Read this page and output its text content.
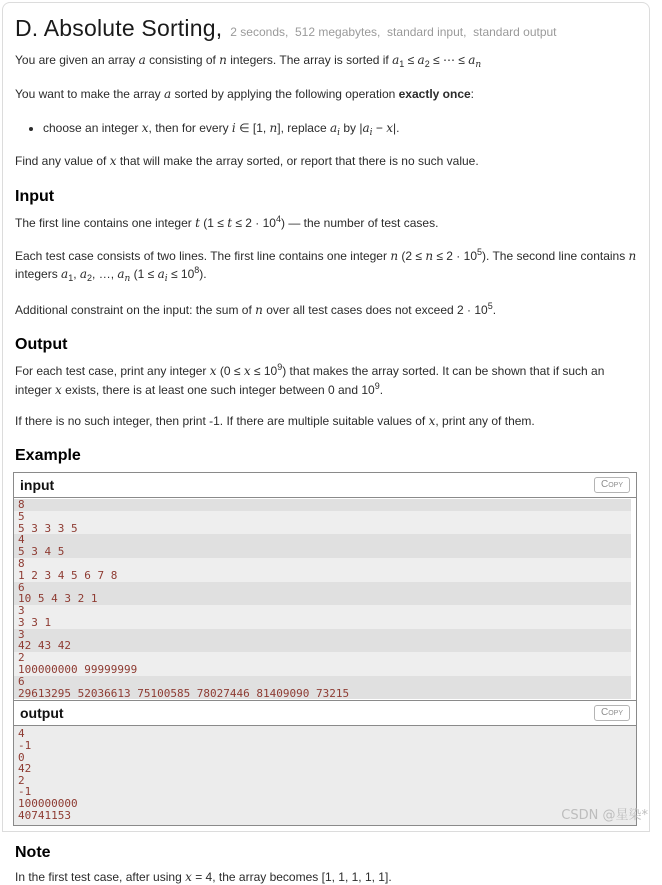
D. Absolute Sorting, 2 seconds,  512 megabytes,  standard input,  standard output

You are given an array a consisting of n integers. The array is sorted if $a_1 \le a_2$ ≤ ⋯ ≤ $a_n$

You want to make the array a sorted by applying the following operation exactly once:

• choose an integer x, then for every i ∈ [1, n], replace $a_i$ by $|a_i - x|$.

Find any value of x that will make the array sorted, or report that there is no such value.

Input

The first line contains one integer t $(1 \le t \le 2 \cdot 10^4)$ — the number of test cases.

Each test case consists of two lines. The first line contains one integer n $(2 \le n \le 2 \cdot 10^5)$. The second line contains n integers $a_1$, $a_2$, …, $a_n$ $(1 \le a_i \le 10^8)$.

Additional constraint on the input: the sum of n over all test cases does not exceed $2 \cdot 10^5$.

Output

For each test case, print any integer x $(0 \le x \le 10^9)$ that makes the array sorted. It can be shown that if such an integer x exists, there is at least one such integer between 0 and $10^9$.

If there is no such integer, then print -1. If there are multiple suitable values of x, print any of them.

Example
input	Copy
8
5
5 3 3 3 5
4
5 3 4 5
8
1 2 3 4 5 6 7 8
6
10 5 4 3 2 1
3
3 3 1
3
42 43 42
2
100000000 99999999
6
29613295 52036613 75100585 78027446 81409090 73215
output	Copy
4
-1
0
42
2
-1
100000000
40741153
Note

In the first test case, after using x = 4, the array becomes [1, 1, 1, 1, 1].

CSDN @星染*
